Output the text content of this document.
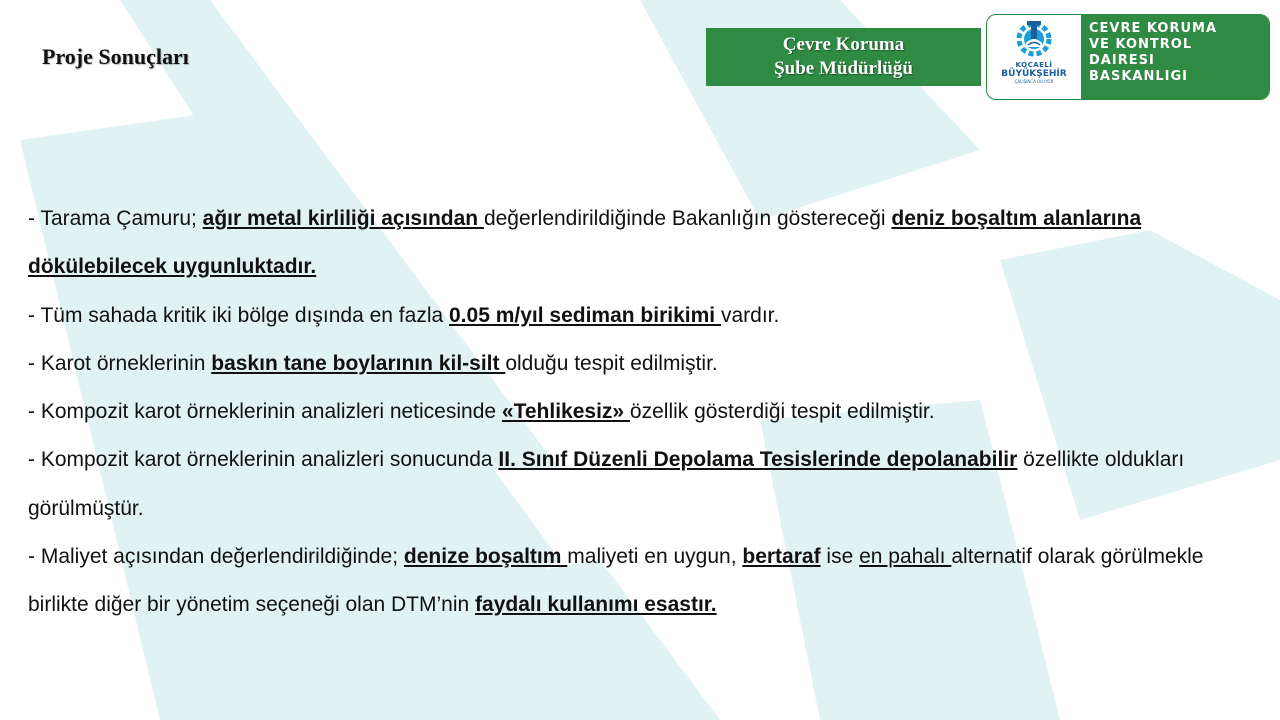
Proje Sonuçları	Çevre Koruma
Şube Müdürlüğü	KOCAELİ
BÜYÜKŞEHİR
ÇALIŞINCA OLUYOR
CEVRE KORUMA
VE KONTROL
DAIRESI
BASKANLIGI

- Tarama Çamuru; ağır metal kirliliği açısından değerlendirildiğinde Bakanlığın göstereceği deniz boşaltım alanlarına dökülebilecek uygunluktadır.

- Tüm sahada kritik iki bölge dışında en fazla 0.05 m/yıl sediman birikimi vardır.

- Karot örneklerinin baskın tane boylarının kil-silt olduğu tespit edilmiştir.

- Kompozit karot örneklerinin analizleri neticesinde «Tehlikesiz» özellik gösterdiği tespit edilmiştir.

- Kompozit karot örneklerinin analizleri sonucunda II. Sınıf Düzenli Depolama Tesislerinde depolanabilir özellikte oldukları görülmüştür.

- Maliyet açısından değerlendirildiğinde; denize boşaltım maliyeti en uygun, bertaraf ise en pahalı alternatif olarak görülmekle birlikte diğer bir yönetim seçeneği olan DTM’nin faydalı kullanımı esastır.
